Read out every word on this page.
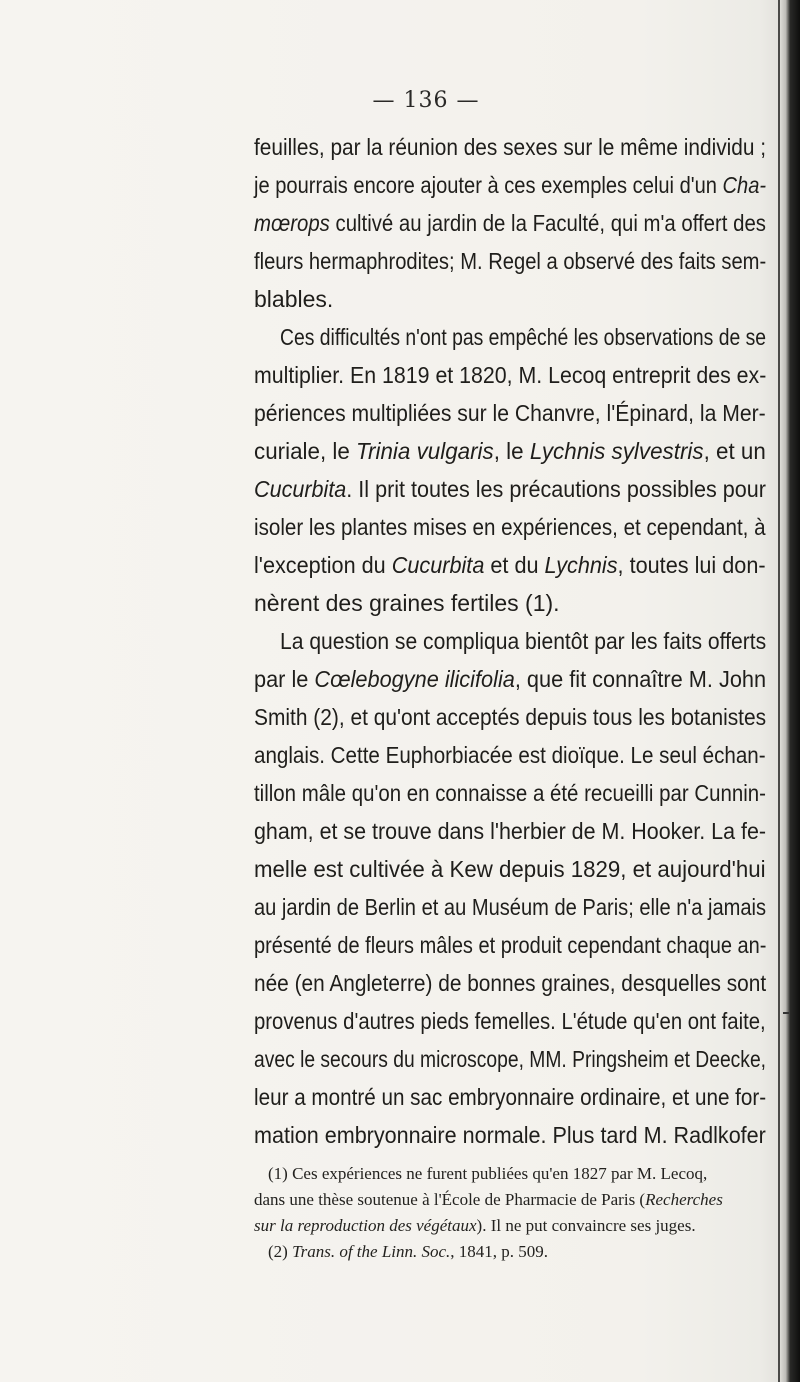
— 136 —
feuilles, par la réunion des sexes sur le même individu ;
je pourrais encore ajouter à ces exemples celui d'un Cha-
mœrops cultivé au jardin de la Faculté, qui m'a offert des
fleurs hermaphrodites; M. Regel a observé des faits sem-
blables.
Ces difficultés n'ont pas empêché les observations de se
multiplier. En 1819 et 1820, M. Lecoq entreprit des ex-
périences multipliées sur le Chanvre, l'Épinard, la Mer-
curiale, le Trinia vulgaris, le Lychnis sylvestris, et un
Cucurbita. Il prit toutes les précautions possibles pour
isoler les plantes mises en expériences, et cependant, à
l'exception du Cucurbita et du Lychnis, toutes lui don-
nèrent des graines fertiles (1).
La question se compliqua bientôt par les faits offerts
par le Cœlebogyne ilicifolia, que fit connaître M. John
Smith (2), et qu'ont acceptés depuis tous les botanistes
anglais. Cette Euphorbiacée est dioïque. Le seul échan-
tillon mâle qu'on en connaisse a été recueilli par Cunnin-
gham, et se trouve dans l'herbier de M. Hooker. La fe-
melle est cultivée à Kew depuis 1829, et aujourd'hui
au jardin de Berlin et au Muséum de Paris; elle n'a jamais
présenté de fleurs mâles et produit cependant chaque an-
née (en Angleterre) de bonnes graines, desquelles sont
provenus d'autres pieds femelles. L'étude qu'en ont faite,
avec le secours du microscope, MM. Pringsheim et Deecke,
leur a montré un sac embryonnaire ordinaire, et une for-
mation embryonnaire normale. Plus tard M. Radlkofer
(1) Ces expériences ne furent publiées qu'en 1827 par M. Lecoq,
dans une thèse soutenue à l'École de Pharmacie de Paris (Recherches
sur la reproduction des végétaux). Il ne put convaincre ses juges.
(2) Trans. of the Linn. Soc., 1841, p. 509.
